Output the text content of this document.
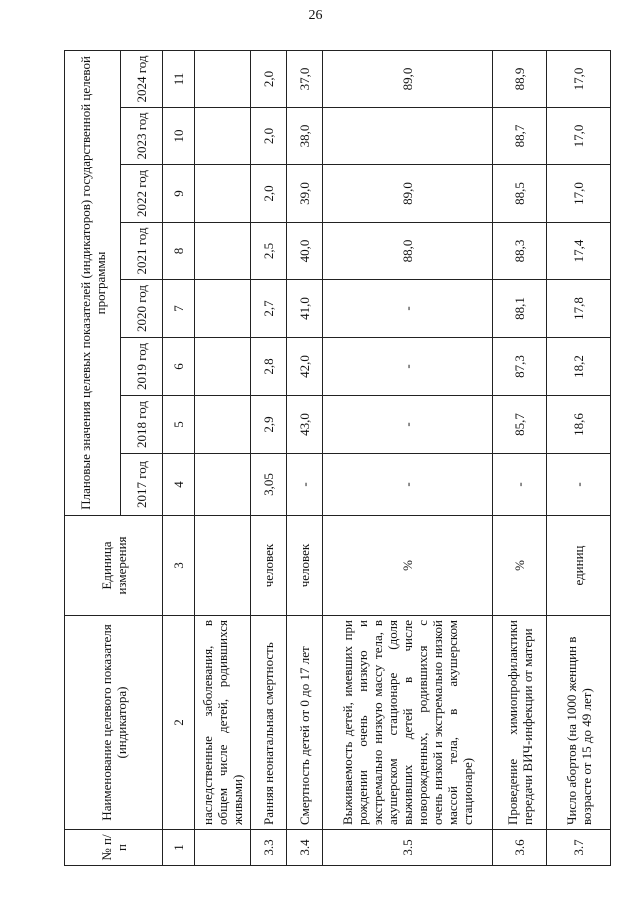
26
№ п/п	Наименование целевого показателя (индикатора)	Единица измерения	Плановые значения целевых показателей (индикаторов) государственной целевой программы							
			2017 год	2018 год	2019 год	2020 год	2021 год	2022 год	2023 год	2024 год
1	2	3	4	5	6	7	8	9	10	11
	наследственные заболевания, в общем числе детей, родившихся живыми)									
3.3	Ранняя неонатальная смертность	человек	3,05	2,9	2,8	2,7	2,5	2,0	2,0	2,0
3.4	Смертность детей от 0 до 17 лет	человек	-	43,0	42,0	41,0	40,0	39,0	38,0	37,0
3.5	Выживаемость детей, имевших при рождении очень низкую и экстремально низкую массу тела, в акушерском стационаре (доля выживших детей в числе новорожденных, родившихся с очень низкой и экстремально низкой массой тела, в акушерском стационаре)	%	-	-	-	-	88,0	89,0		89,0
3.6	Проведение химиопрофилактики передачи ВИЧ-инфекции от матери	%	-	85,7	87,3	88,1	88,3	88,5	88,7	88,9
3.7	Число абортов (на 1000 женщин в возрасте от 15 до 49 лет)	единиц	-	18,6	18,2	17,8	17,4	17,0	17,0	17,0
